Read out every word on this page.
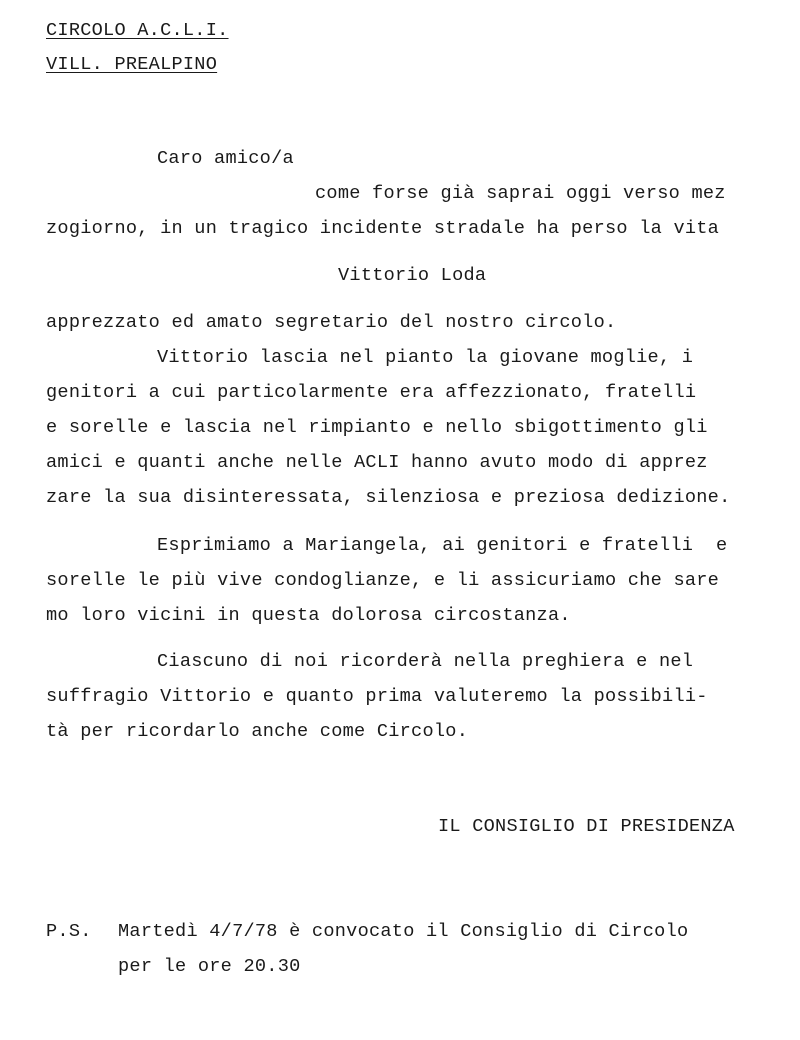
CIRCOLO A.C.L.I.
VILL. PREALPINO
Caro amico/a
come forse già saprai oggi verso mez
zogiorno, in un tragico incidente stradale ha perso la vita
Vittorio Loda
apprezzato ed amato segretario del nostro circolo.
Vittorio lascia nel pianto la giovane moglie, i
genitori a cui particolarmente era affezzionato, fratelli
e sorelle e lascia nel rimpianto e nello sbigottimento gli
amici e quanti anche nelle ACLI hanno avuto modo di apprez
zare la sua disinteressata, silenziosa e preziosa dedizione.
Esprimiamo a Mariangela, ai genitori e fratelli  e
sorelle le più vive condoglianze, e li assicuriamo che sare
mo loro vicini in questa dolorosa circostanza.
Ciascuno di noi ricorderà nella preghiera e nel
suffragio Vittorio e quanto prima valuteremo la possibili-
tà per ricordarlo anche come Circolo.
IL CONSIGLIO DI PRESIDENZA
P.S. Martedì 4/7/78 è convocato il Consiglio di Circolo
per le ore 20.30
